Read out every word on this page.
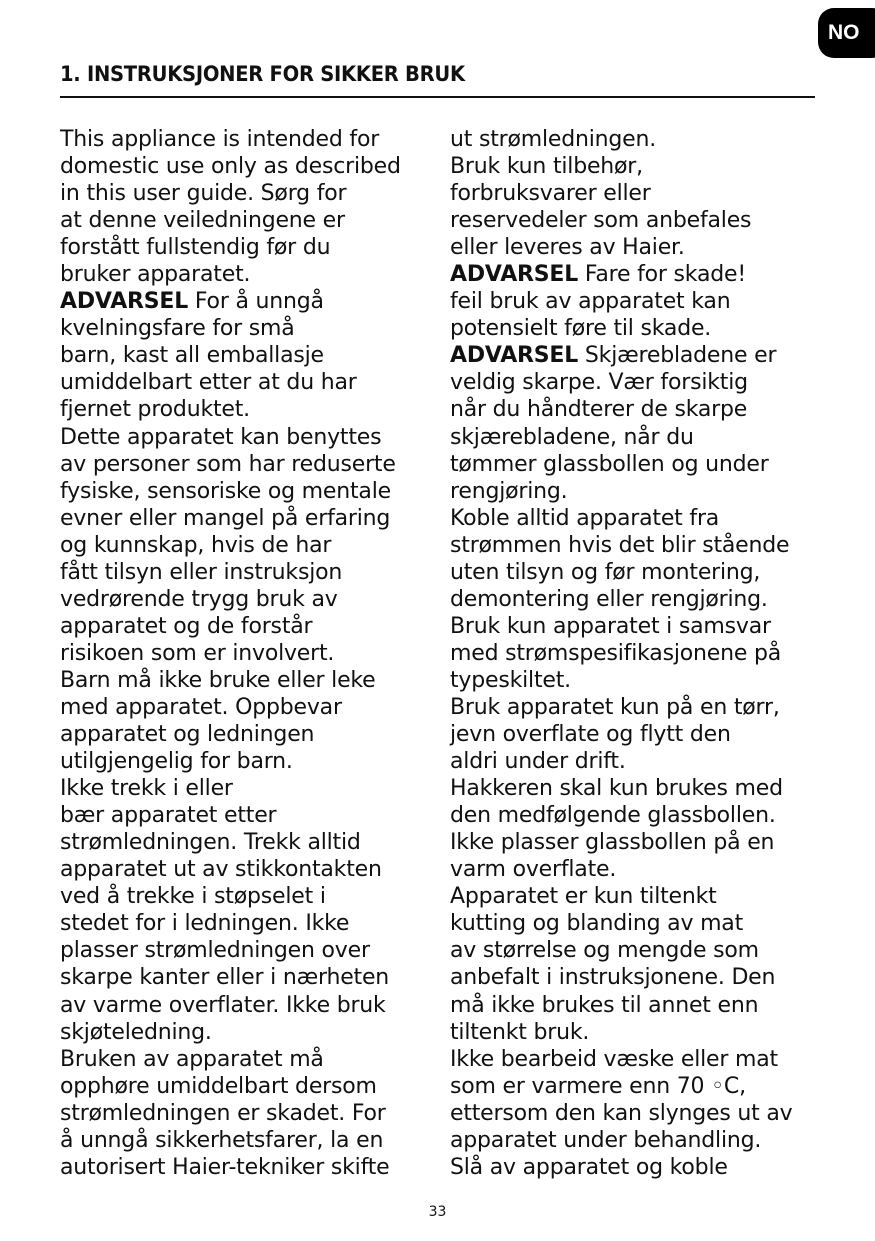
NO
1. INSTRUKSJONER FOR SIKKER BRUK
This appliance is intended for
domestic use only as described
in this user guide. Sørg for
at denne veiledningene er
forstått fullstendig før du
bruker apparatet.
ADVARSEL For å unngå
kvelningsfare for små
barn, kast all emballasje
umiddelbart etter at du har
fjernet produktet.
Dette apparatet kan benyttes
av personer som har reduserte
fysiske, sensoriske og mentale
evner eller mangel på erfaring
og kunnskap, hvis de har
fått tilsyn eller instruksjon
vedrørende trygg bruk av
apparatet og de forstår
risikoen som er involvert.
Barn må ikke bruke eller leke
med apparatet. Oppbevar
apparatet og ledningen
utilgjengelig for barn.
Ikke trekk i eller
bær apparatet etter
strømledningen. Trekk alltid
apparatet ut av stikkontakten
ved å trekke i støpselet i
stedet for i ledningen. Ikke
plasser strømledningen over
skarpe kanter eller i nærheten
av varme overflater. Ikke bruk
skjøteledning.
Bruken av apparatet må
opphøre umiddelbart dersom
strømledningen er skadet. For
å unngå sikkerhetsfarer, la en
autorisert Haier-tekniker skifte
ut strømledningen.
Bruk kun tilbehør,
forbruksvarer eller
reservedeler som anbefales
eller leveres av Haier.
ADVARSEL Fare for skade!
feil bruk av apparatet kan
potensielt føre til skade.
ADVARSEL Skjærebladene er
veldig skarpe. Vær forsiktig
når du håndterer de skarpe
skjærebladene, når du
tømmer glassbollen og under
rengjøring.
Koble alltid apparatet fra
strømmen hvis det blir stående
uten tilsyn og før montering,
demontering eller rengjøring.
Bruk kun apparatet i samsvar
med strømspesifikasjonene på
typeskiltet.
Bruk apparatet kun på en tørr,
jevn overflate og flytt den
aldri under drift.
Hakkeren skal kun brukes med
den medfølgende glassbollen.
Ikke plasser glassbollen på en
varm overflate.
Apparatet er kun tiltenkt
kutting og blanding av mat
av størrelse og mengde som
anbefalt i instruksjonene. Den
må ikke brukes til annet enn
tiltenkt bruk.
Ikke bearbeid væske eller mat
som er varmere enn 70 ◦C,
ettersom den kan slynges ut av
apparatet under behandling.
Slå av apparatet og koble
33
